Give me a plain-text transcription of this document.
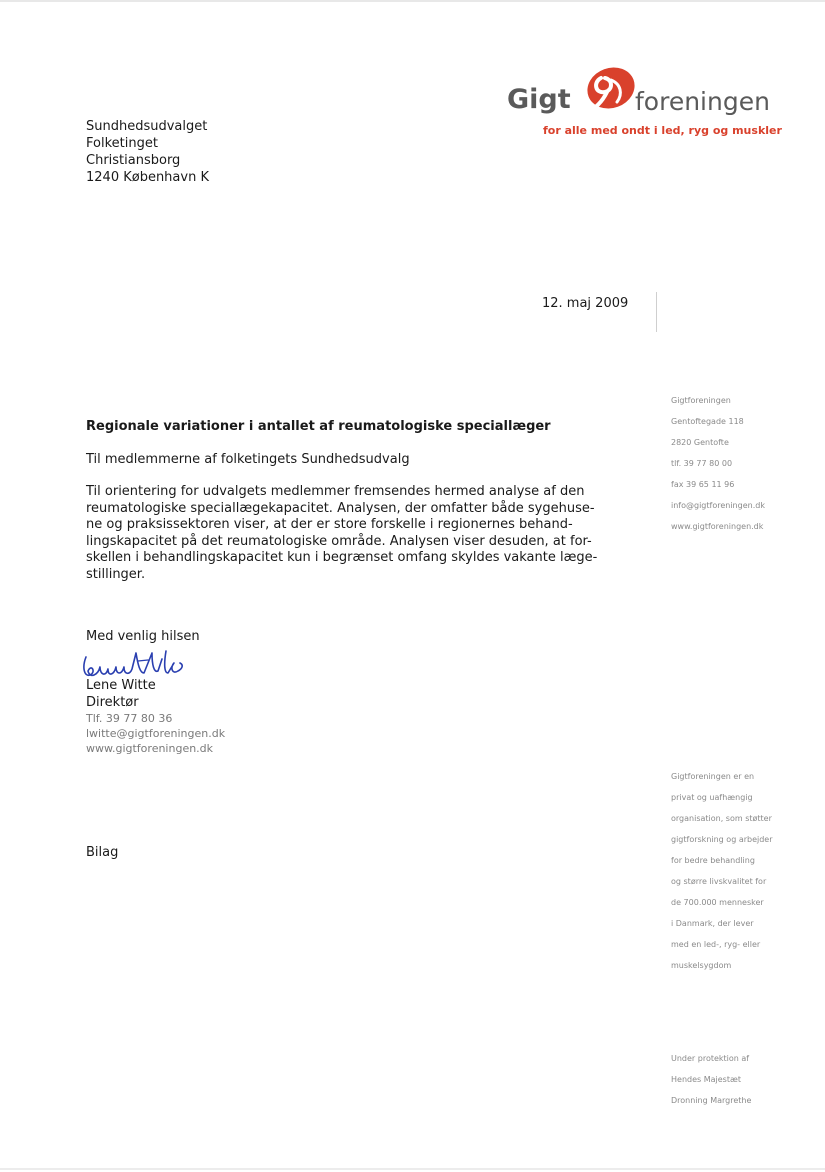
Gigt	foreningen
for alle med ondt i led, ryg og muskler
Sundhedsudvalget
Folketinget
Christiansborg
1240 København K
12. maj 2009
Regionale variationer i antallet af reumatologiske speciallæger
Til medlemmerne af folketingets Sundhedsudvalg
Til orientering for udvalgets medlemmer fremsendes hermed analyse af den
reumatologiske speciallægekapacitet. Analysen, der omfatter både sygehuse-
ne og praksissektoren viser, at der er store forskelle i regionernes behand-
lingskapacitet på det reumatologiske område. Analysen viser desuden, at for-
skellen i behandlingskapacitet kun i begrænset omfang skyldes vakante læge-
stillinger.
Med venlig hilsen
Lene Witte
Direktør
Tlf. 39 77 80 36
lwitte@gigtforeningen.dk
www.gigtforeningen.dk
Bilag
Gigtforeningen
Gentoftegade 118
2820 Gentofte
tlf. 39 77 80 00
fax 39 65 11 96
info@gigtforeningen.dk
www.gigtforeningen.dk
Gigtforeningen er en
privat og uafhængig
organisation, som støtter
gigtforskning og arbejder
for bedre behandling
og større livskvalitet for
de 700.000 mennesker
i Danmark, der lever
med en led-, ryg- eller
muskelsygdom
Under protektion af
Hendes Majestæt
Dronning Margrethe
